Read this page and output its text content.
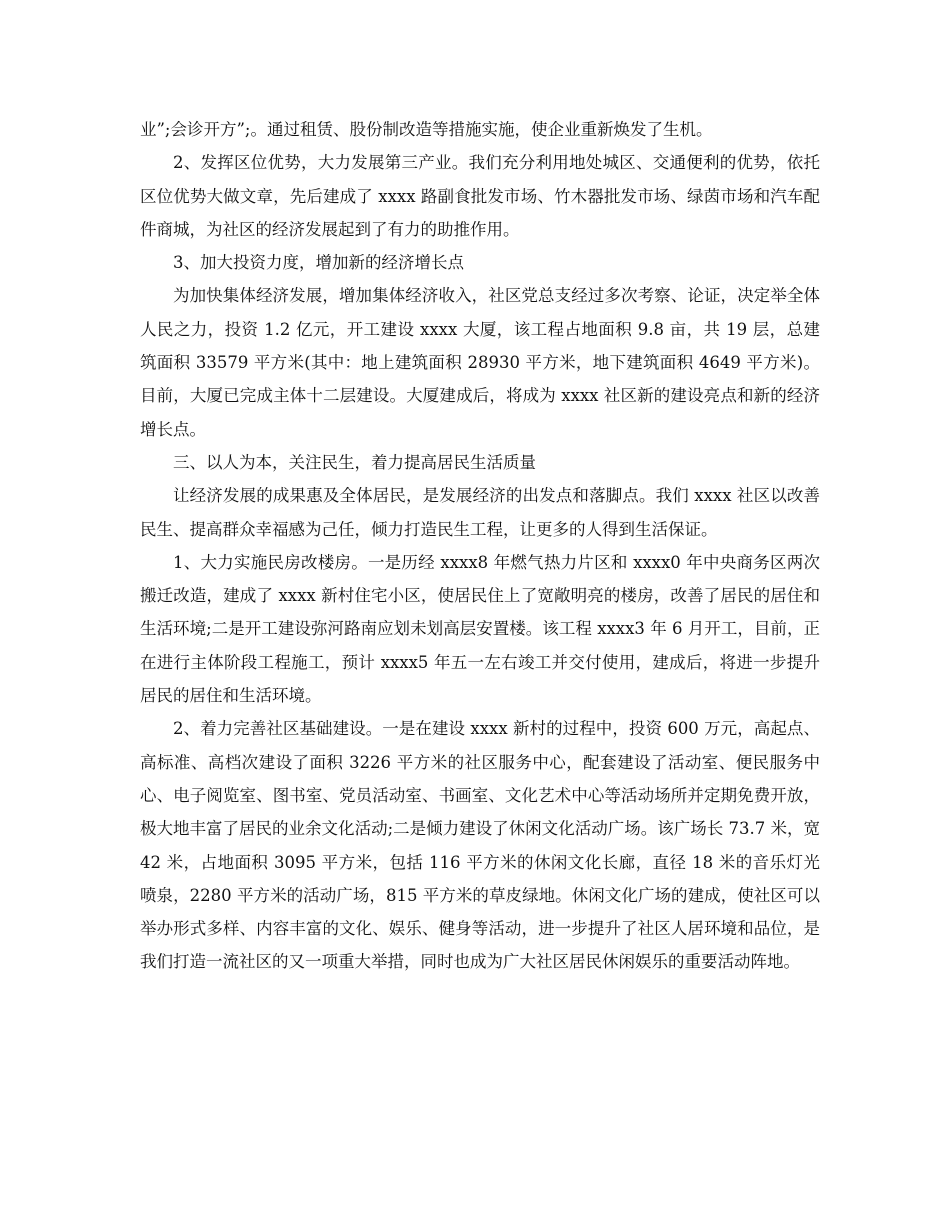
业”;会诊开方”;。通过租赁、股份制改造等措施实施，使企业重新焕发了生机。

2、发挥区位优势，大力发展第三产业。我们充分利用地处城区、交通便利的优势，依托区位优势大做文章，先后建成了 xxxx 路副食批发市场、竹木器批发市场、绿茵市场和汽车配件商城，为社区的经济发展起到了有力的助推作用。

3、加大投资力度，增加新的经济增长点

为加快集体经济发展，增加集体经济收入，社区党总支经过多次考察、论证，决定举全体人民之力，投资 1.2 亿元，开工建设 xxxx 大厦，该工程占地面积 9.8 亩，共 19 层，总建筑面积 33579 平方米(其中：地上建筑面积 28930 平方米，地下建筑面积 4649 平方米)。目前，大厦已完成主体十二层建设。大厦建成后，将成为 xxxx 社区新的建设亮点和新的经济增长点。

三、以人为本，关注民生，着力提高居民生活质量

让经济发展的成果惠及全体居民，是发展经济的出发点和落脚点。我们 xxxx 社区以改善民生、提高群众幸福感为己任，倾力打造民生工程，让更多的人得到生活保证。

1、大力实施民房改楼房。一是历经 xxxx8 年燃气热力片区和 xxxx0 年中央商务区两次搬迁改造，建成了 xxxx 新村住宅小区，使居民住上了宽敞明亮的楼房，改善了居民的居住和生活环境;二是开工建设弥河路南应划未划高层安置楼。该工程 xxxx3 年 6 月开工，目前，正在进行主体阶段工程施工，预计 xxxx5 年五一左右竣工并交付使用，建成后，将进一步提升居民的居住和生活环境。

2、着力完善社区基础建设。一是在建设 xxxx 新村的过程中，投资 600 万元，高起点、高标准、高档次建设了面积 3226 平方米的社区服务中心，配套建设了活动室、便民服务中心、电子阅览室、图书室、党员活动室、书画室、文化艺术中心等活动场所并定期免费开放，极大地丰富了居民的业余文化活动;二是倾力建设了休闲文化活动广场。该广场长 73.7 米，宽 42 米，占地面积 3095 平方米，包括 116 平方米的休闲文化长廊，直径 18 米的音乐灯光喷泉，2280 平方米的活动广场，815 平方米的草皮绿地。休闲文化广场的建成，使社区可以举办形式多样、内容丰富的文化、娱乐、健身等活动，进一步提升了社区人居环境和品位，是我们打造一流社区的又一项重大举措，同时也成为广大社区居民休闲娱乐的重要活动阵地。
